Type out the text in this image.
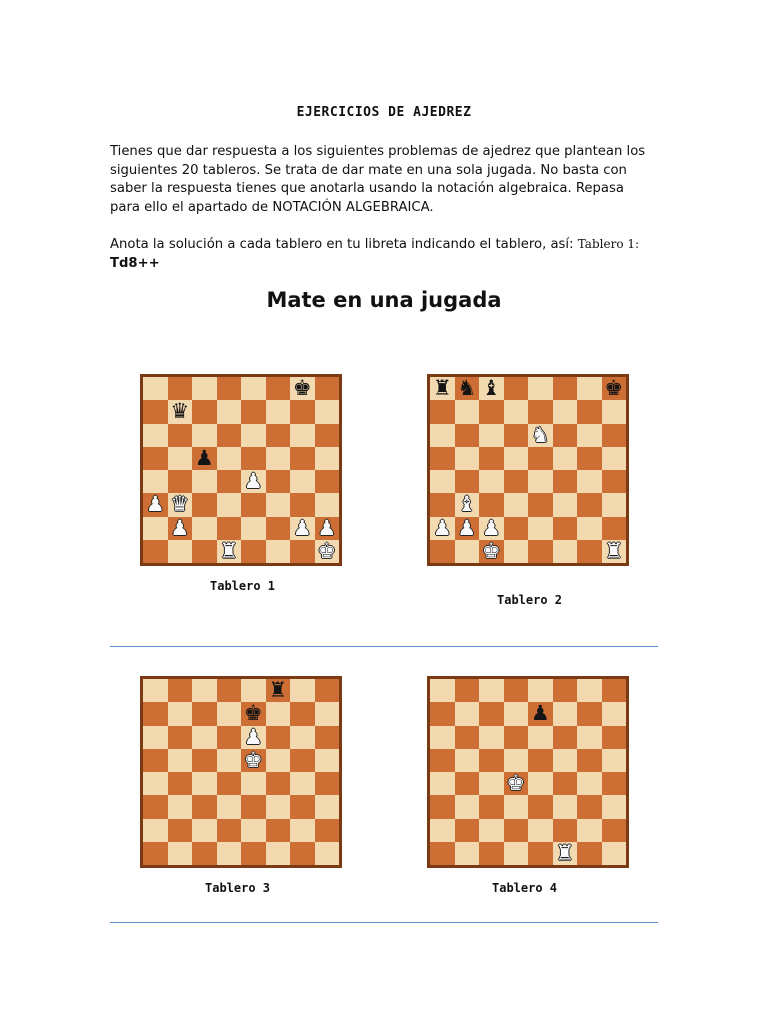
EJERCICIOS DE AJEDREZ
Tienes que dar respuesta a los siguientes problemas de ajedrez que plantean los siguientes 20 tableros. Se trata de dar mate en una sola jugada. No basta con saber la respuesta tienes que anotarla usando la notación algebraica. Repasa para ello el apartado de NOTACIÓN ALGEBRAICA.
Anota la solución a cada tablero en tu libreta indicando el tablero, así: Tablero 1:
Td8++
Mate en una jugada
♚
♛
♟
♟
♟ ♛
♟	♟ ♟
♜	♚
♜ ♞ ♝	♚
♞
♝
♟ ♟ ♟
♚	♜
♜
♚
♟
♚
♟
♚
♜
Tablero 1
Tablero 2
Tablero 3	Tablero 4
